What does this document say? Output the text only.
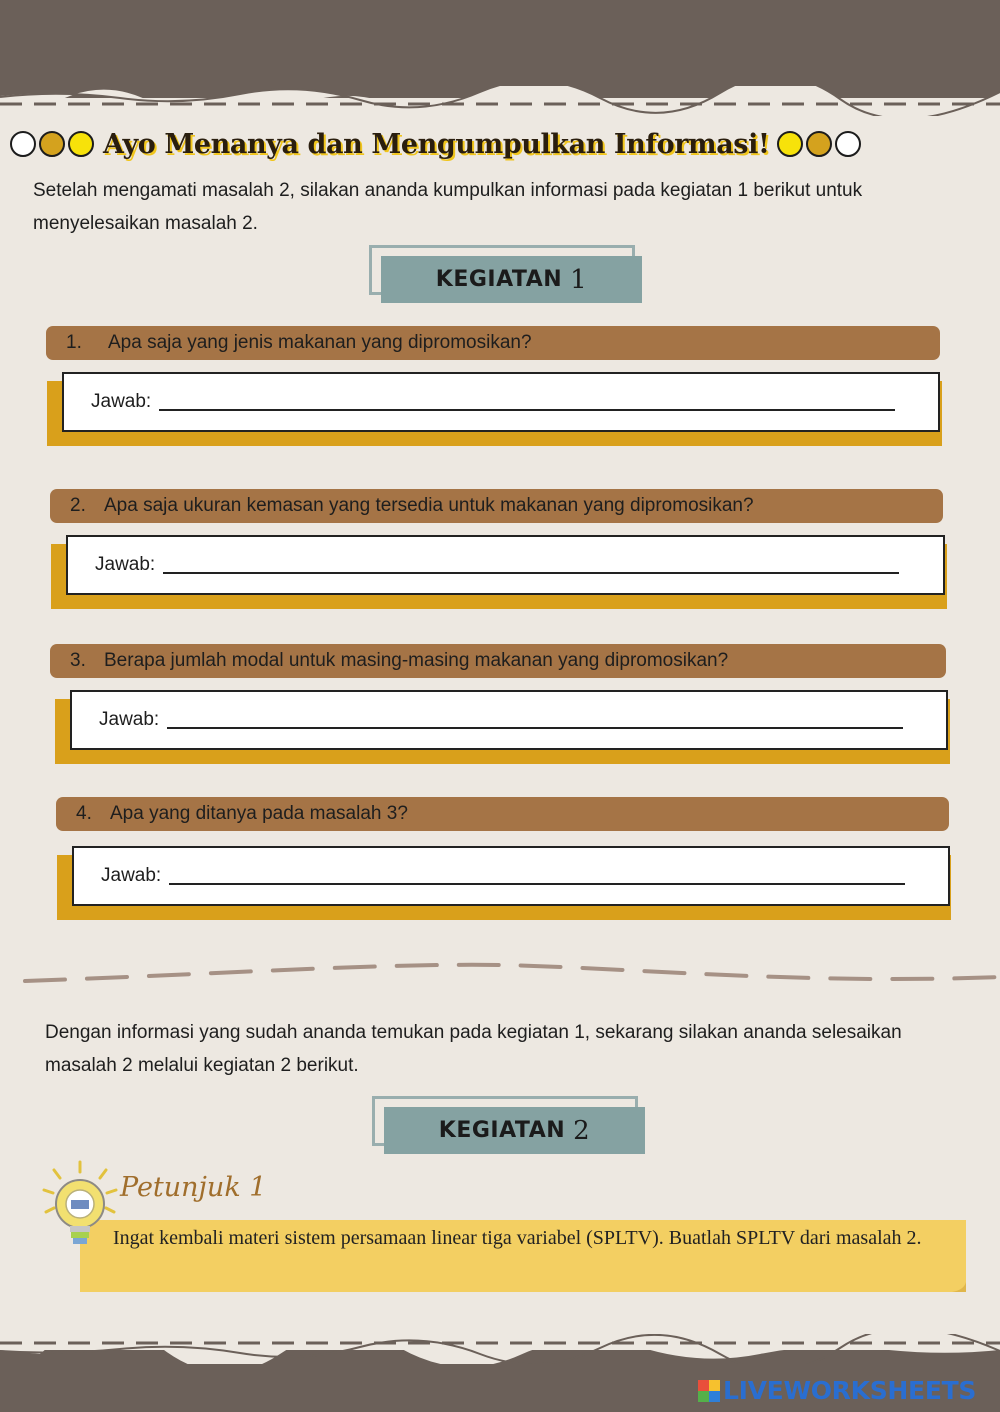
Ayo Menanya dan Mengumpulkan Informasi!
Setelah mengamati masalah 2, silakan ananda kumpulkan informasi pada kegiatan 1 berikut untuk menyelesaikan masalah 2.
KEGIATAN 1
1.	Apa saja yang jenis makanan yang dipromosikan?
Jawab:
2. Apa saja ukuran kemasan yang tersedia untuk makanan yang dipromosikan?
Jawab:
3. Berapa jumlah modal untuk masing-masing makanan yang dipromosikan?
Jawab:
4. Apa yang ditanya pada masalah 3?
Jawab:
Dengan informasi yang sudah ananda temukan pada kegiatan 1, sekarang silakan ananda selesaikan masalah 2 melalui kegiatan 2 berikut.
KEGIATAN 2
Ingat kembali materi sistem persamaan linear tiga variabel (SPLTV). Buatlah SPLTV dari masalah 2.
Petunjuk 1
LIVEWORKSHEETS
